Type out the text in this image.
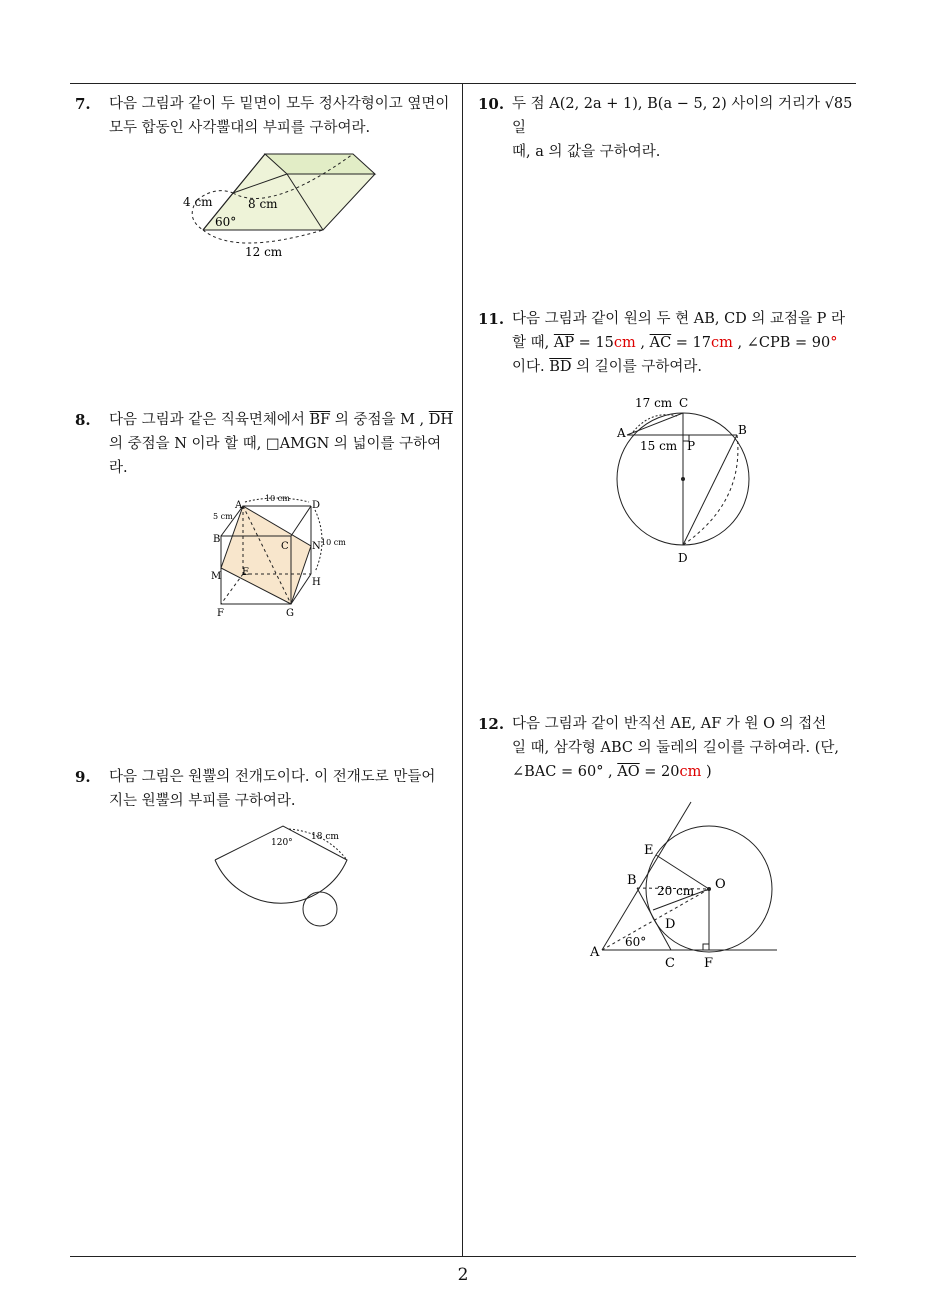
7. 다음 그림과 같이 두 밑면이 모두 정사각형이고 옆면이
모두 합동인 사각뿔대의 부피를 구하여라.
4 cm	8 cm
60°
12 cm
8. 다음 그림과 같은 직육면체에서 $\overline{BF}$ 의 중점을 M , $\overline{DH}$
의 중점을 N 이라 할 때, □AMGN 의 넓이를 구하여
라.
A
10 cm
D
5 cm
B
C N 10 cm
M E
H
F	G
9. 다음 그림은 원뿔의 전개도이다. 이 전개도로 만들어
지는 원뿔의 부피를 구하여라.
18 cm
120°
10. 두 점 A(2, 2a + 1), B(a − 5, 2) 사이의 거리가 √85 일
때, a 의 값을 구하여라.
11. 다음 그림과 같이 원의 두 현 AB, CD 의 교점을 P 라
할 때, $\overline{AP} = 15cm$ , $\overline{AC} = 17cm$ , ∠CPB = 90°
이다. $\overline{BD}$ 의 길이를 구하여라.
17 cm C
A	B
15 cm P
D
12. 다음 그림과 같이 반직선 AE, AF 가 원 O 의 접선
일 때, 삼각형 ABC 의 둘레의 길이를 구하여라. (단,
∠BAC = 60° , $\overline{AO} = 20cm$ )
E
B
20 cm O
D
A
60°
C F
2
